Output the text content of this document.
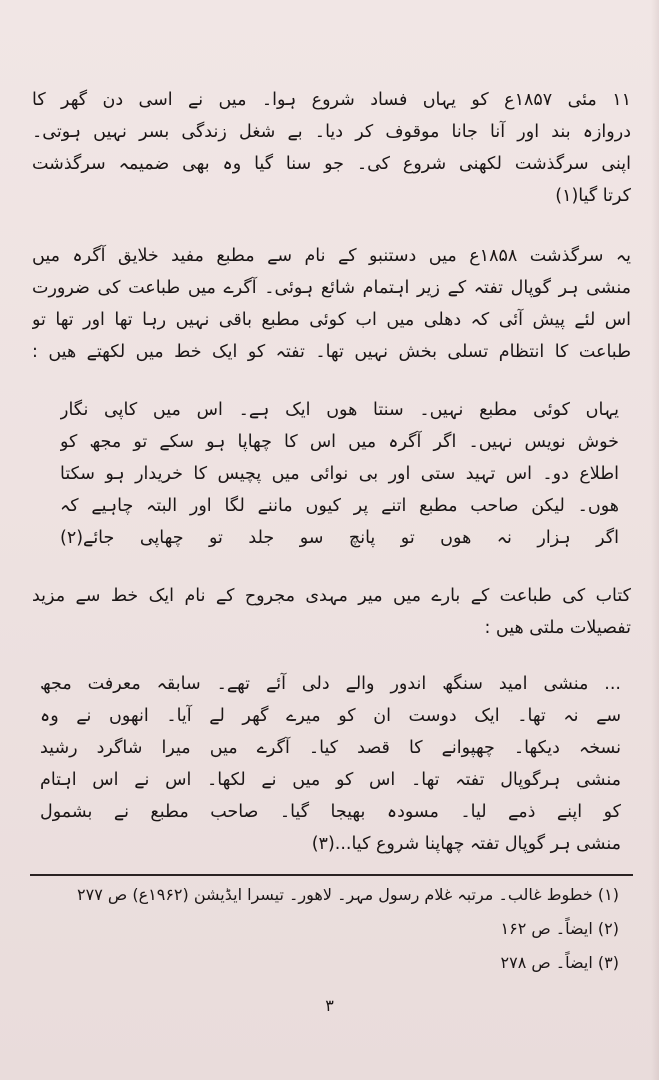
۱۱ مئی ۱۸۵۷ع کو یہاں فساد شروع ہوا۔ میں نے اسی دن گھر کا
دروازہ بند اور آنا جانا موقوف کر دیا۔ بے شغل زندگی بسر نہیں ہوتی۔
اپنی سرگذشت لکھنی شروع کی۔ جو سنا گیا وہ بھی ضمیمہ سرگذشت
کرتا گیا(۱)

یہ سرگذشت ۱۸۵۸ع میں دستنبو کے نام سے مطبع مفید خلایق آگرہ میں
منشی ہر گوپال تفتہ کے زیر اہتمام شائع ہوئی۔ آگرے میں طباعت کی ضرورت
اس لئے پیش آئی کہ دھلی میں اب کوئی مطبع باقی نہیں رہا تھا اور تھا تو
طباعت کا انتظام تسلی بخش نہیں تھا۔ تفتہ کو ایک خط میں لکھتے ھیں :

یہاں کوئی مطبع نہیں۔ سنتا ھوں ایک ہے۔ اس میں کاپی نگار
خوش نویس نہیں۔ اگر آگرہ میں اس کا چھاپا ہو سکے تو مجھ کو
اطلاع دو۔ اس تہید ستی اور بی نوائی میں پچیس کا خریدار ہو سکتا
ھوں۔ لیکن صاحب مطبع اتنے پر کیوں ماننے لگا اور البتہ چاہیے کہ
اگر ہزار نہ ھوں تو پانچ سو جلد تو چھاپی جائے(۲)

کتاب کی طباعت کے بارے میں میر مہدی مجروح کے نام ایک خط سے مزید
تفصیلات ملتی ھیں :

... منشی امید سنگھ اندور والے دلی آئے تھے۔ سابقہ معرفت مجھ
سے نہ تھا۔ ایک دوست ان کو میرے گھر لے آیا۔ انھوں نے وہ
نسخہ دیکھا۔ چھپوانے کا قصد کیا۔ آگرے میں میرا شاگرد رشید
منشی ہرگوپال تفتہ تھا۔ اس کو میں نے لکھا۔ اس نے اس اہتام
کو اپنے ذمے لیا۔ مسودہ بھیجا گیا۔ صاحب مطبع نے بشمول
منشی ہر گوپال تفتہ چھاپنا شروع کیا...(۳)

(۱) خطوط غالب۔ مرتبہ غلام رسول مہر۔ لاھور۔ تیسرا ایڈیشن (۱۹۶۲ع) ص ۲۷۷
(۲) ایضاً۔ ص ۱۶۲
(۳) ایضاً۔ ص ۲۷۸
۳
